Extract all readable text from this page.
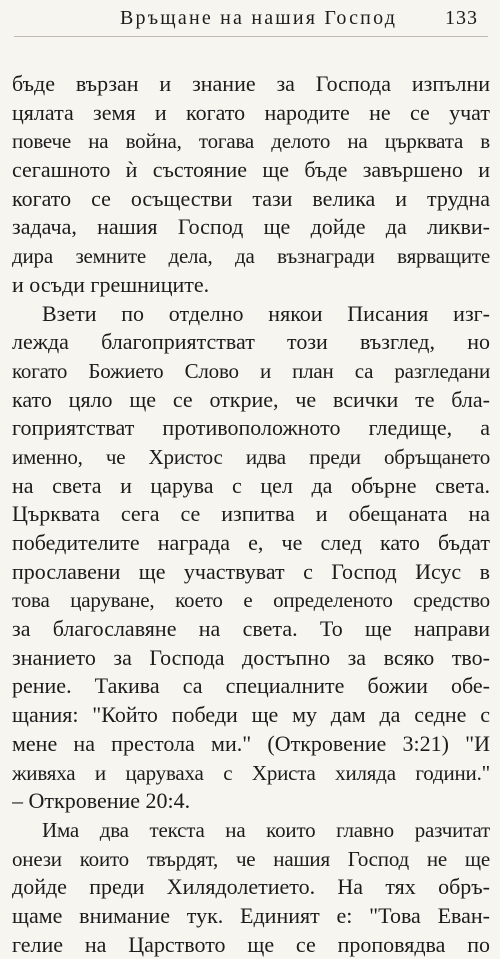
Връщане на нашия Господ 133
бъде вързан и знание за Господа изпълни
цялата земя и когато народите не се учат
повече на война, тогава делото на църквата в
сегашното ѝ състояние ще бъде завършено и
когато се осъществи тази велика и трудна
задача, нашия Господ ще дойде да ликви-
дира земните дела, да възнагради вярващите
и осъди грешниците.
Взети по отделно някои Писания изг-
лежда благоприятстват този възглед, но
когато Божието Слово и план са разгледани
като цяло ще се открие, че всички те бла-
гоприятстват противоположното гледище, а
именно, че Христос идва преди обръщането
на света и царува с цел да обърне света.
Църквата сега се изпитва и обещаната на
победителите награда е, че след като бъдат
прославени ще участвуват с Господ Исус в
това царуване, което е определеното средство
за благославяне на света. То ще направи
знанието за Господа достъпно за всяко тво-
рение. Такива са специалните божии обе-
щания: "Който победи ще му дам да седне с
мене на престола ми." (Откровение 3:21) "И
живяха и царуваха с Христа хиляда години."
– Откровение 20:4.
Има два текста на които главно разчитат
онези които твърдят, че нашия Господ не ще
дойде преди Хилядолетието. На тях обръ-
щаме внимание тук. Единият е: "Това Еван-
гелие на Царството ще се проповядва по
